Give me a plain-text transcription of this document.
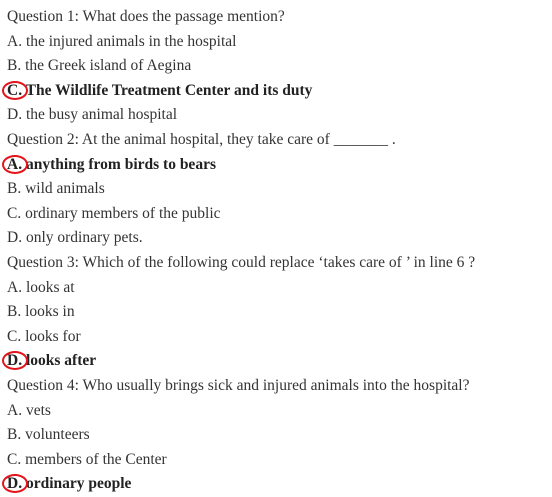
Question 1: What does the passage mention?
A. the injured animals in the hospital
B. the Greek island of Aegina
C. The Wildlife Treatment Center and its duty
D. the busy animal hospital
Question 2: At the animal hospital, they take care of _______ .
A. anything from birds to bears
B. wild animals
C. ordinary members of the public
D. only ordinary pets.
Question 3: Which of the following could replace ‘takes care of ’ in line 6 ?
A. looks at
B. looks in
C. looks for
D. looks after
Question 4: Who usually brings sick and injured animals into the hospital?
A. vets
B. volunteers
C. members of the Center
D. ordinary people
